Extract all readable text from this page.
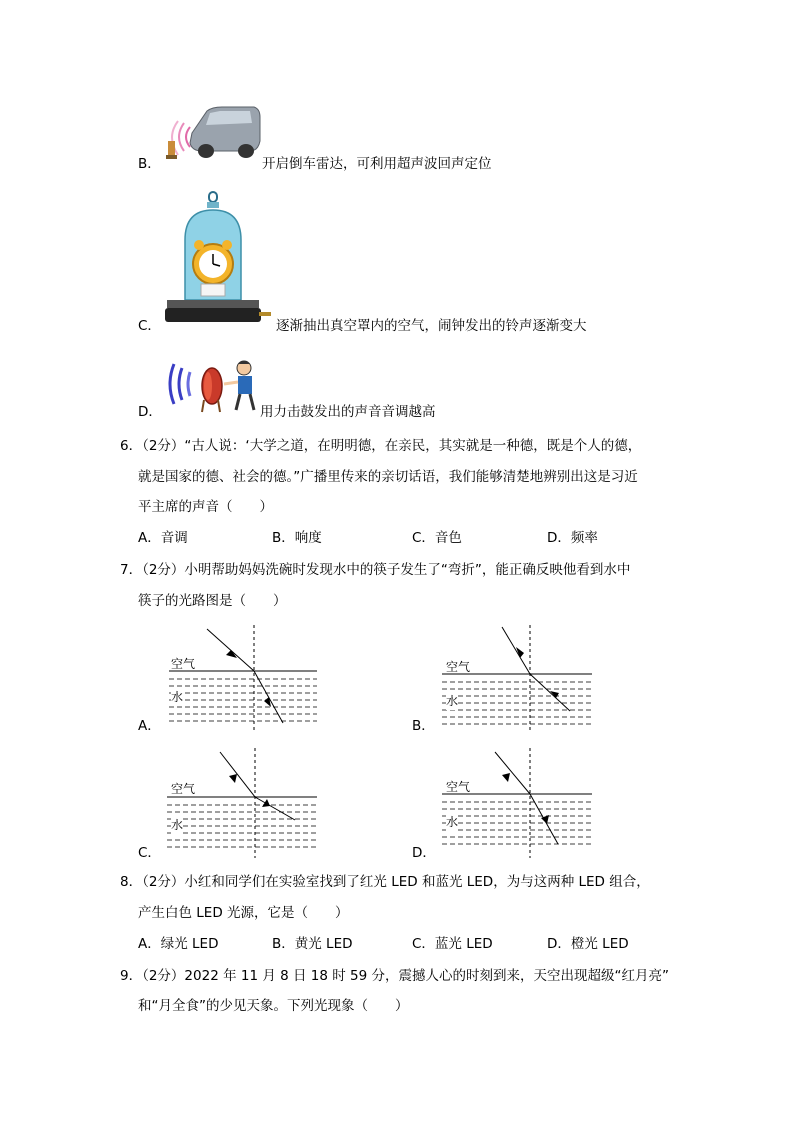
B．	开启倒车雷达，可利用超声波回声定位
C．	逐渐抽出真空罩内的空气，闹钟发出的铃声逐渐变大
D．	用力击鼓发出的声音音调越高
6．（2分）“古人说：‘大学之道，在明明德，在亲民，其实就是一种德，既是个人的德，
就是国家的德、社会的德。”广播里传来的亲切话语，我们能够清楚地辨别出这是习近
平主席的声音（　　）
A．音调	B．响度	C．音色	D．频率
7．（2分）小明帮助妈妈洗碗时发现水中的筷子发生了“弯折”，能正确反映他看到水中
筷子的光路图是（　　）
空气
水
A．
空气
水
B．
空气
水
C．
空气
水
D．
8．（2分）小红和同学们在实验室找到了红光 LED 和蓝光 LED，为与这两种 LED 组合，
产生白色 LED 光源，它是（　　）
A．绿光 LED	B．黄光 LED	C．蓝光 LED	D．橙光 LED
9．（2分）2022 年 11 月 8 日 18 时 59 分，震撼人心的时刻到来，天空出现超级“红月亮”
和“月全食”的少见天象。下列光现象（　　）
